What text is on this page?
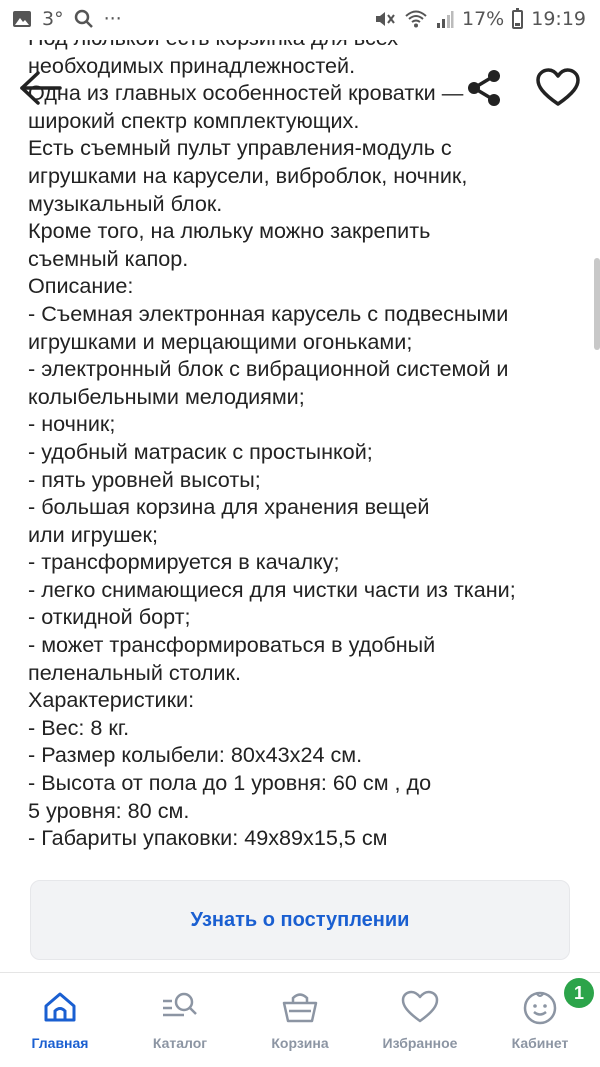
3° ···	17% 19:19

необходимых принадлежностей.

Одна из главных особенностей кроватки —

широкий спектр комплектующих.

Есть съемный пульт управления-модуль с

игрушками на карусели, виброблок, ночник,

музыкальный блок.

Кроме того, на люльку можно закрепить

съемный капор.

Описание:

- Съемная электронная карусель с подвесными

игрушками и мерцающими огоньками;

- электронный блок с вибрационной системой и

колыбельными мелодиями;

- ночник;

- удобный матрасик с простынкой;

- пять уровней высоты;

- большая корзина для хранения вещей

или игрушек;

- трансформируется в качалку;

- легко снимающиеся для чистки части из ткани;

- откидной борт;

- может трансформироваться в удобный

пеленальный столик.

Характеристики:

- Вес: 8 кг.

- Размер колыбели: 80х43х24 см.

- Высота от пола до 1 уровня: 60 см , до

5 уровня: 80 см.

- Габариты упаковки: 49х89х15,5 см

Узнать о поступлении
Главная	Каталог	Корзина	Избранное	Кабинет
1
